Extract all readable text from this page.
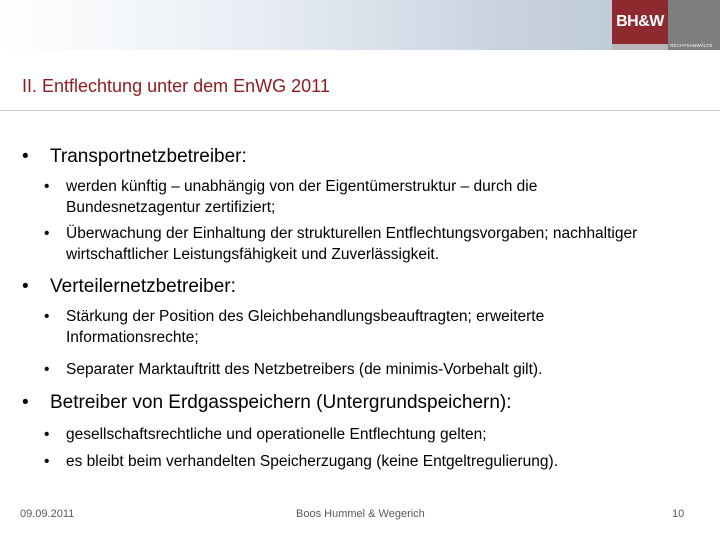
BH&W
RECHTSANWÄLTE
II. Entflechtung unter dem EnWG 2011
•	Transportnetzbetreiber:
•	werden künftig – unabhängig von der Eigentümerstruktur – durch die Bundesnetzagentur zertifiziert;
•	Überwachung der Einhaltung der strukturellen Entflechtungsvorgaben; nachhaltiger wirtschaftlicher Leistungsfähigkeit und Zuverlässigkeit.
•	Verteilernetzbetreiber:
•	Stärkung der Position des Gleichbehandlungsbeauftragten; erweiterte Informationsrechte;
•	Separater Marktauftritt des Netzbetreibers (de minimis-Vorbehalt gilt).
•	Betreiber von Erdgasspeichern (Untergrundspeichern):
•	gesellschaftsrechtliche und operationelle Entflechtung gelten;
•	es bleibt beim verhandelten Speicherzugang (keine Entgeltregulierung).
09.09.2011	Boos Hummel & Wegerich	10
